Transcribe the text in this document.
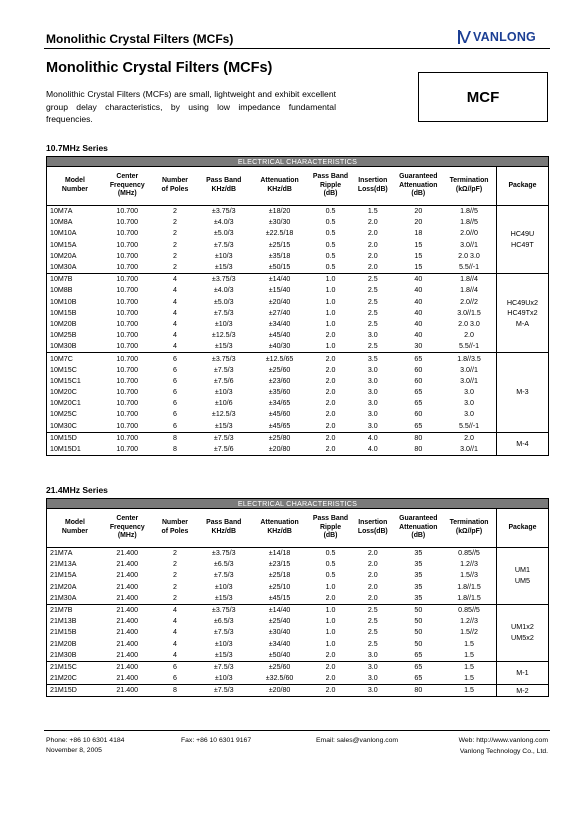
Monolithic Crystal Filters (MCFs)	VANLONG
Monolithic Crystal Filters (MCFs)
Monolithic Crystal Filters (MCFs) are small, lightweight and exhibit excellent group delay characteristics, by using low impedance fundamental frequencies.
MCF
10.7MHz Series
ELECTRICAL CHARACTERISTICS									
Model
Number	Center
Frequency
(MHz)	Number
of Poles	Pass Band
KHz/dB	Attenuation
KHz/dB	Pass Band
Ripple
(dB)	Insertion
Loss(dB)	Guaranteed
Attenuation
(dB)	Termination
(kΩ//pF)	Package
10M7A	10.700	2	±3.75/3	±18/20	0.5	1.5	20	1.8//5	HC49U
HC49T
10M8A	10.700	2	±4.0/3	±30/30	0.5	2.0	20	1.8//5	
10M10A	10.700	2	±5.0/3	±22.5/18	0.5	2.0	18	2.0//0	
10M15A	10.700	2	±7.5/3	±25/15	0.5	2.0	15	3.0//1	
10M20A	10.700	2	±10/3	±35/18	0.5	2.0	15	2.0 3.0	
10M30A	10.700	2	±15/3	±50/15	0.5	2.0	15	5.5//-1	
10M7B	10.700	4	±3.75/3	±14/40	1.0	2.5	40	1.8//4	HC49Ux2
HC49Tx2
M-A
10M8B	10.700	4	±4.0/3	±15/40	1.0	2.5	40	1.8//4	
10M10B	10.700	4	±5.0/3	±20/40	1.0	2.5	40	2.0//2	
10M15B	10.700	4	±7.5/3	±27/40	1.0	2.5	40	3.0//1.5	
10M20B	10.700	4	±10/3	±34/40	1.0	2.5	40	2.0 3.0	
10M25B	10.700	4	±12.5/3	±45/40	2.0	3.0	40	2.0	
10M30B	10.700	4	±15/3	±40/30	1.0	2.5	30	5.5//-1	
10M7C	10.700	6	±3.75/3	±12.5/65	2.0	3.5	65	1.8//3.5	M-3
10M15C	10.700	6	±7.5/3	±25/60	2.0	3.0	60	3.0//1	
10M15C1	10.700	6	±7.5/6	±23/60	2.0	3.0	60	3.0//1	
10M20C	10.700	6	±10/3	±35/60	2.0	3.0	65	3.0	
10M20C1	10.700	6	±10/6	±34/65	2.0	3.0	65	3.0	
10M25C	10.700	6	±12.5/3	±45/60	2.0	3.0	60	3.0	
10M30C	10.700	6	±15/3	±45/65	2.0	3.0	65	5.5//-1	
10M15D	10.700	8	±7.5/3	±25/80	2.0	4.0	80	2.0	M-4
10M15D1	10.700	8	±7.5/6	±20/80	2.0	4.0	80	3.0//1	
21.4MHz Series
ELECTRICAL CHARACTERISTICS									
Model
Number	Center
Frequency
(MHz)	Number
of Poles	Pass Band
KHz/dB	Attenuation
KHz/dB	Pass Band
Ripple
(dB)	Insertion
Loss(dB)	Guaranteed
Attenuation
(dB)	Termination
(kΩ//pF)	Package
21M7A	21.400	2	±3.75/3	±14/18	0.5	2.0	35	0.85//5	UM1
UM5
21M13A	21.400	2	±6.5/3	±23/15	0.5	2.0	35	1.2//3	
21M15A	21.400	2	±7.5/3	±25/18	0.5	2.0	35	1.5//3	
21M20A	21.400	2	±10/3	±25/10	1.0	2.0	35	1.8//1.5	
21M30A	21.400	2	±15/3	±45/15	2.0	2.0	35	1.8//1.5	
21M7B	21.400	4	±3.75/3	±14/40	1.0	2.5	50	0.85//5	UM1x2
UM5x2
21M13B	21.400	4	±6.5/3	±25/40	1.0	2.5	50	1.2//3	
21M15B	21.400	4	±7.5/3	±30/40	1.0	2.5	50	1.5//2	
21M20B	21.400	4	±10/3	±34/40	1.0	2.5	50	1.5	
21M30B	21.400	4	±15/3	±50/40	2.0	3.0	65	1.5	
21M15C	21.400	6	±7.5/3	±25/60	2.0	3.0	65	1.5	M-1
21M20C	21.400	6	±10/3	±32.5/60	2.0	3.0	65	1.5	
21M15D	21.400	8	±7.5/3	±20/80	2.0	3.0	80	1.5	M-2
Phone: +86 10 6301 4184	Fax: +86 10 6301 9167	Email: sales@vanlong.com	Web: http://www.vanlong.com
November 8, 2005	Vanlong Technology Co., Ltd.
